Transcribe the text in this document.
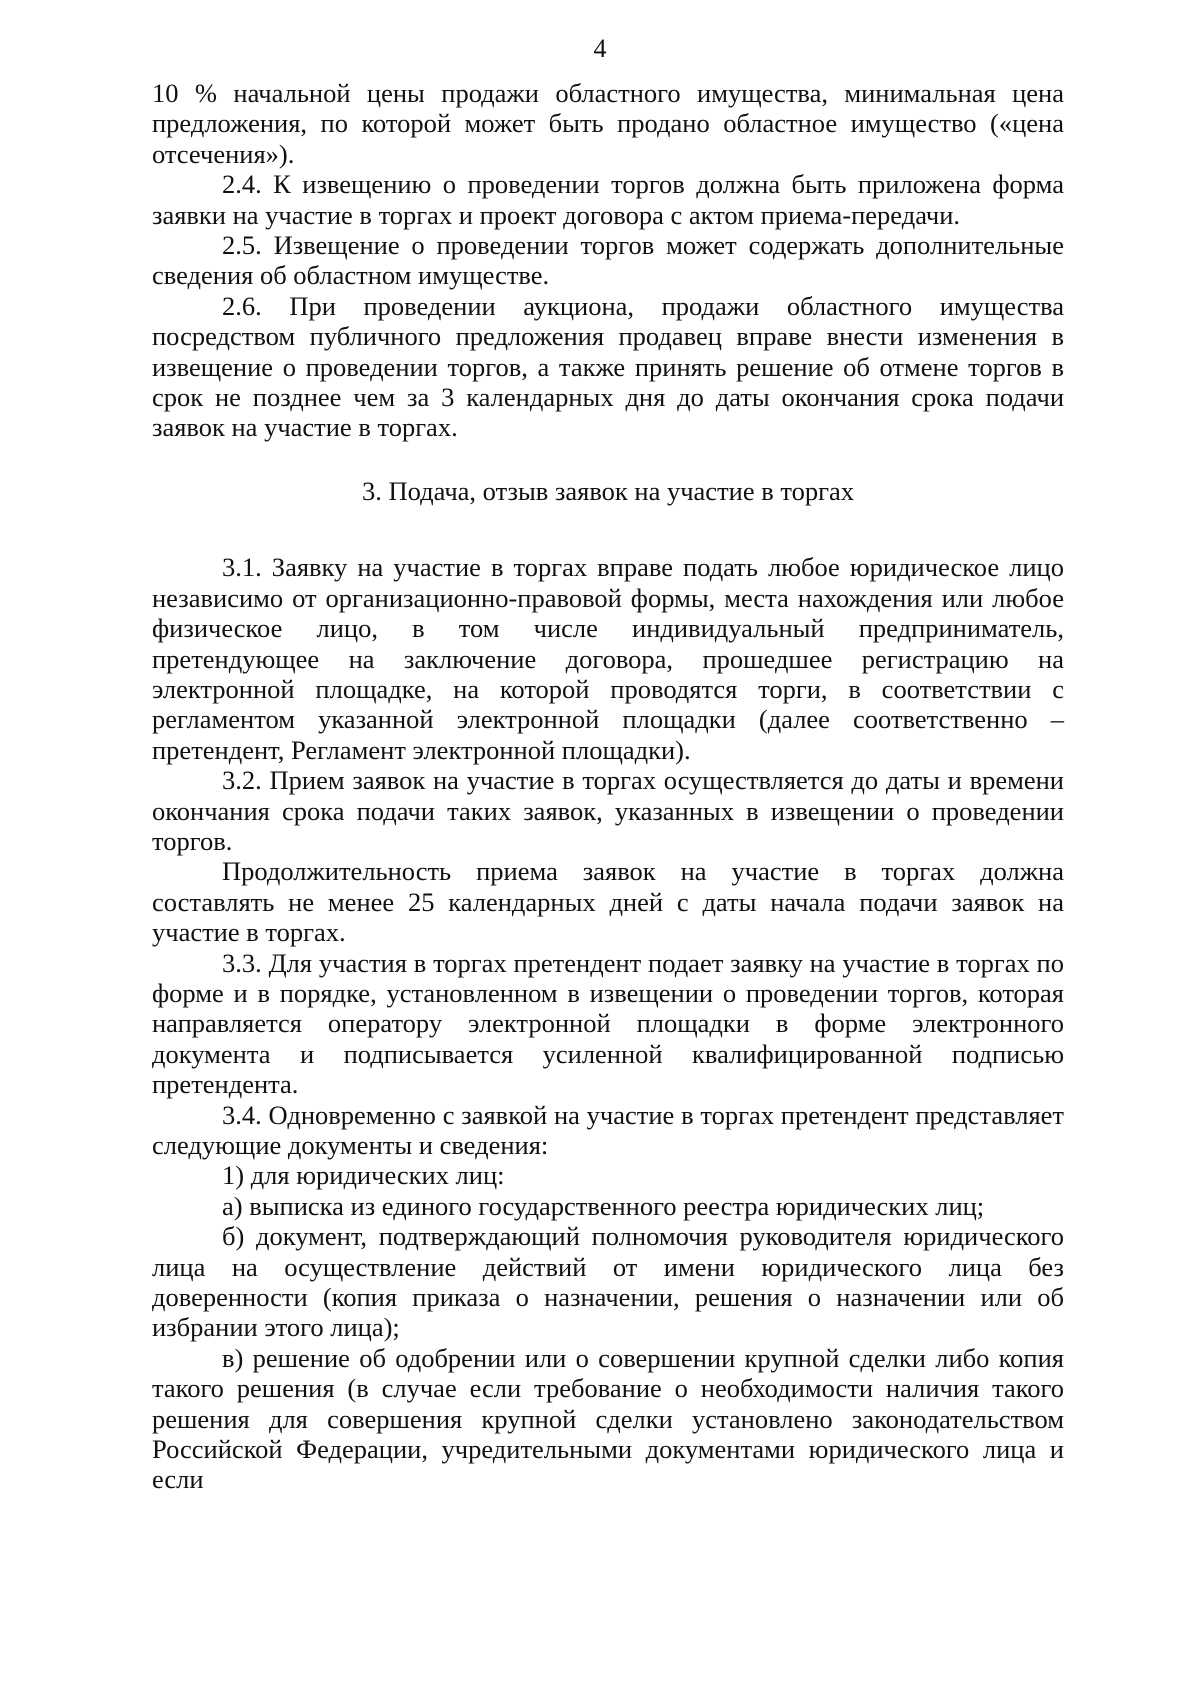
4

10 % начальной цены продажи областного имущества, минимальная цена предложения, по которой может быть продано областное имущество («цена отсечения»).

2.4. К извещению о проведении торгов должна быть приложена форма заявки на участие в торгах и проект договора с актом приема-передачи.

2.5. Извещение о проведении торгов может содержать дополнительные сведения об областном имуществе.

2.6. При проведении аукциона, продажи областного имущества посредством публичного предложения продавец вправе внести изменения в извещение о проведении торгов, а также принять решение об отмене торгов в срок не позднее чем за 3 календарных дня до даты окончания срока подачи заявок на участие в торгах.

3. Подача, отзыв заявок на участие в торгах

3.1. Заявку на участие в торгах вправе подать любое юридическое лицо независимо от организационно-правовой формы, места нахождения или любое физическое лицо, в том числе индивидуальный предприниматель, претендующее на заключение договора, прошедшее регистрацию на электронной площадке, на которой проводятся торги, в соответствии с регламентом указанной электронной площадки (далее соответственно – претендент, Регламент электронной площадки).

3.2. Прием заявок на участие в торгах осуществляется до даты и времени окончания срока подачи таких заявок, указанных в извещении о проведении торгов.

Продолжительность приема заявок на участие в торгах должна составлять не менее 25 календарных дней с даты начала подачи заявок на участие в торгах.

3.3. Для участия в торгах претендент подает заявку на участие в торгах по форме и в порядке, установленном в извещении о проведении торгов, которая направляется оператору электронной площадки в форме электронного документа и подписывается усиленной квалифицированной подписью претендента.

3.4. Одновременно с заявкой на участие в торгах претендент представляет следующие документы и сведения:

1) для юридических лиц:

а) выписка из единого государственного реестра юридических лиц;

б) документ, подтверждающий полномочия руководителя юридического лица на осуществление действий от имени юридического лица без доверенности (копия приказа о назначении, решения о назначении или об избрании этого лица);

в) решение об одобрении или о совершении крупной сделки либо копия такого решения (в случае если требование о необходимости наличия такого решения для совершения крупной сделки установлено законодательством Российской Федерации, учредительными документами юридического лица и если
